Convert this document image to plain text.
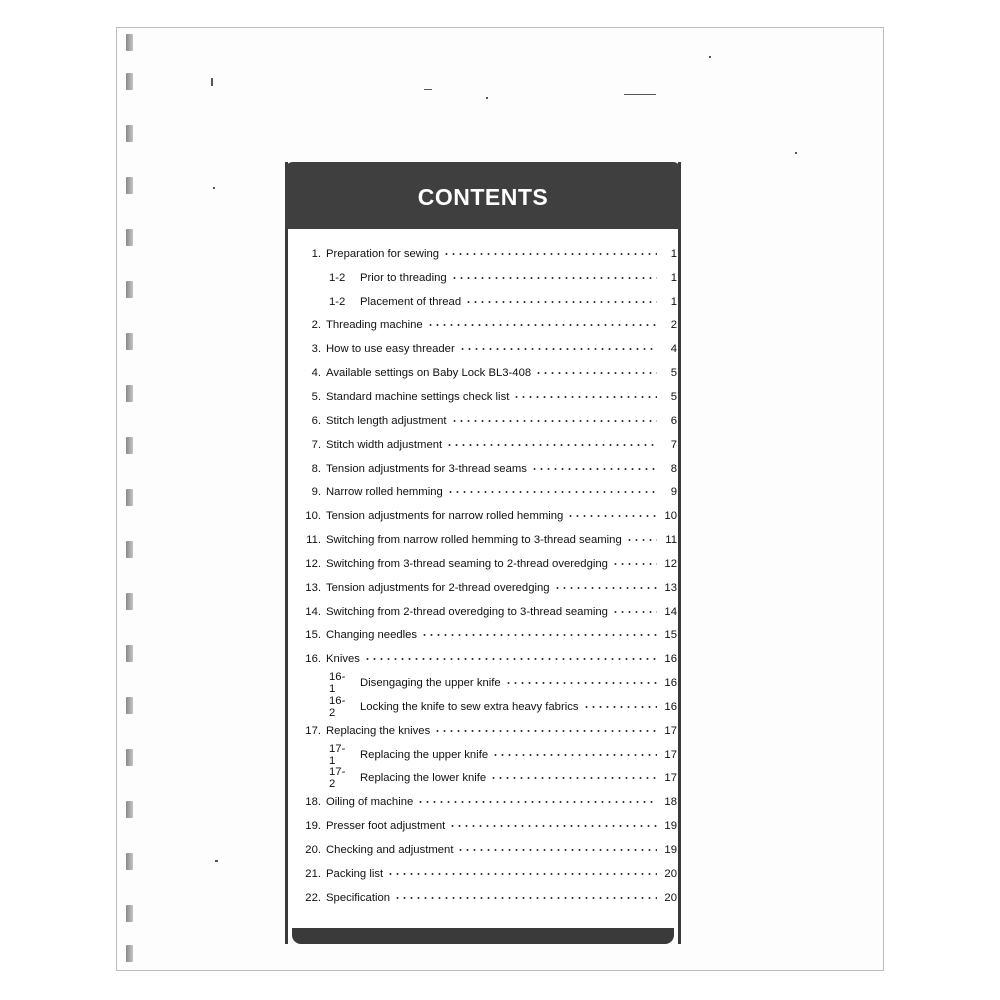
CONTENTS
1. Preparation for sewing	1
1-2 Prior to threading	1
1-2 Placement of thread	1
2. Threading machine	2
3. How to use easy threader	4
4. Available settings on Baby Lock BL3-408	5
5. Standard machine settings check list	5
6. Stitch length adjustment	6
7. Stitch width adjustment	7
8. Tension adjustments for 3-thread seams	8
9. Narrow rolled hemming	9
10. Tension adjustments for narrow rolled hemming	10
11. Switching from narrow rolled hemming to 3-thread seaming	11
12. Switching from 3-thread seaming to 2-thread overedging	12
13. Tension adjustments for 2-thread overedging	13
14. Switching from 2-thread overedging to 3-thread seaming	14
15. Changing needles	15
16. Knives	16
16-1	Disengaging the upper knife	16
16-2	Locking the knife to sew extra heavy fabrics	16
17. Replacing the knives	17
17-1	Replacing the upper knife	17
17-2	Replacing the lower knife	17
18. Oiling of machine	18
19. Presser foot adjustment	19
20. Checking and adjustment	19
21. Packing list	20
22. Specification	20
